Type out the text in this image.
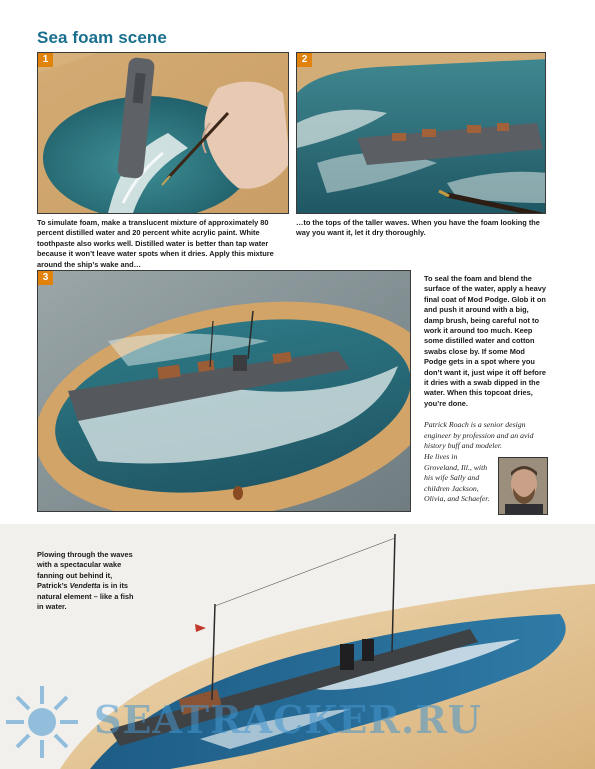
Sea foam scene
1	2
To simulate foam, make a translucent mixture of approximately 80 percent distilled water and 20 percent white acrylic paint. White toothpaste also works well. Distilled water is better than tap water because it won’t leave water spots when it dries. Apply this mixture around the ship’s wake and…
…to the tops of the taller waves. When you have the foam looking the way you want it, let it dry thoroughly.
3	To seal the foam and blend the surface of the water, apply a heavy final coat of Mod Podge. Glob it on and push it around with a big, damp brush, being careful not to work it around too much. Keep some distilled water and cotton swabs close by. If some Mod Podge gets in a spot where you don’t want it, just wipe it off before it dries with a swab dipped in the water. When this topcoat dries, you’re done.
Patrick Roach is a senior design engineer by profession and an avid history buff and modeler.
He lives in Groveland, Ill., with his wife Sally and children Jackson, Olivia, and Schaefer.
Plowing through the waves with a spectacular wake fanning out behind it, Patrick’s Vendetta is in its natural element – like a fish in water.
SEATRACKER.RU
